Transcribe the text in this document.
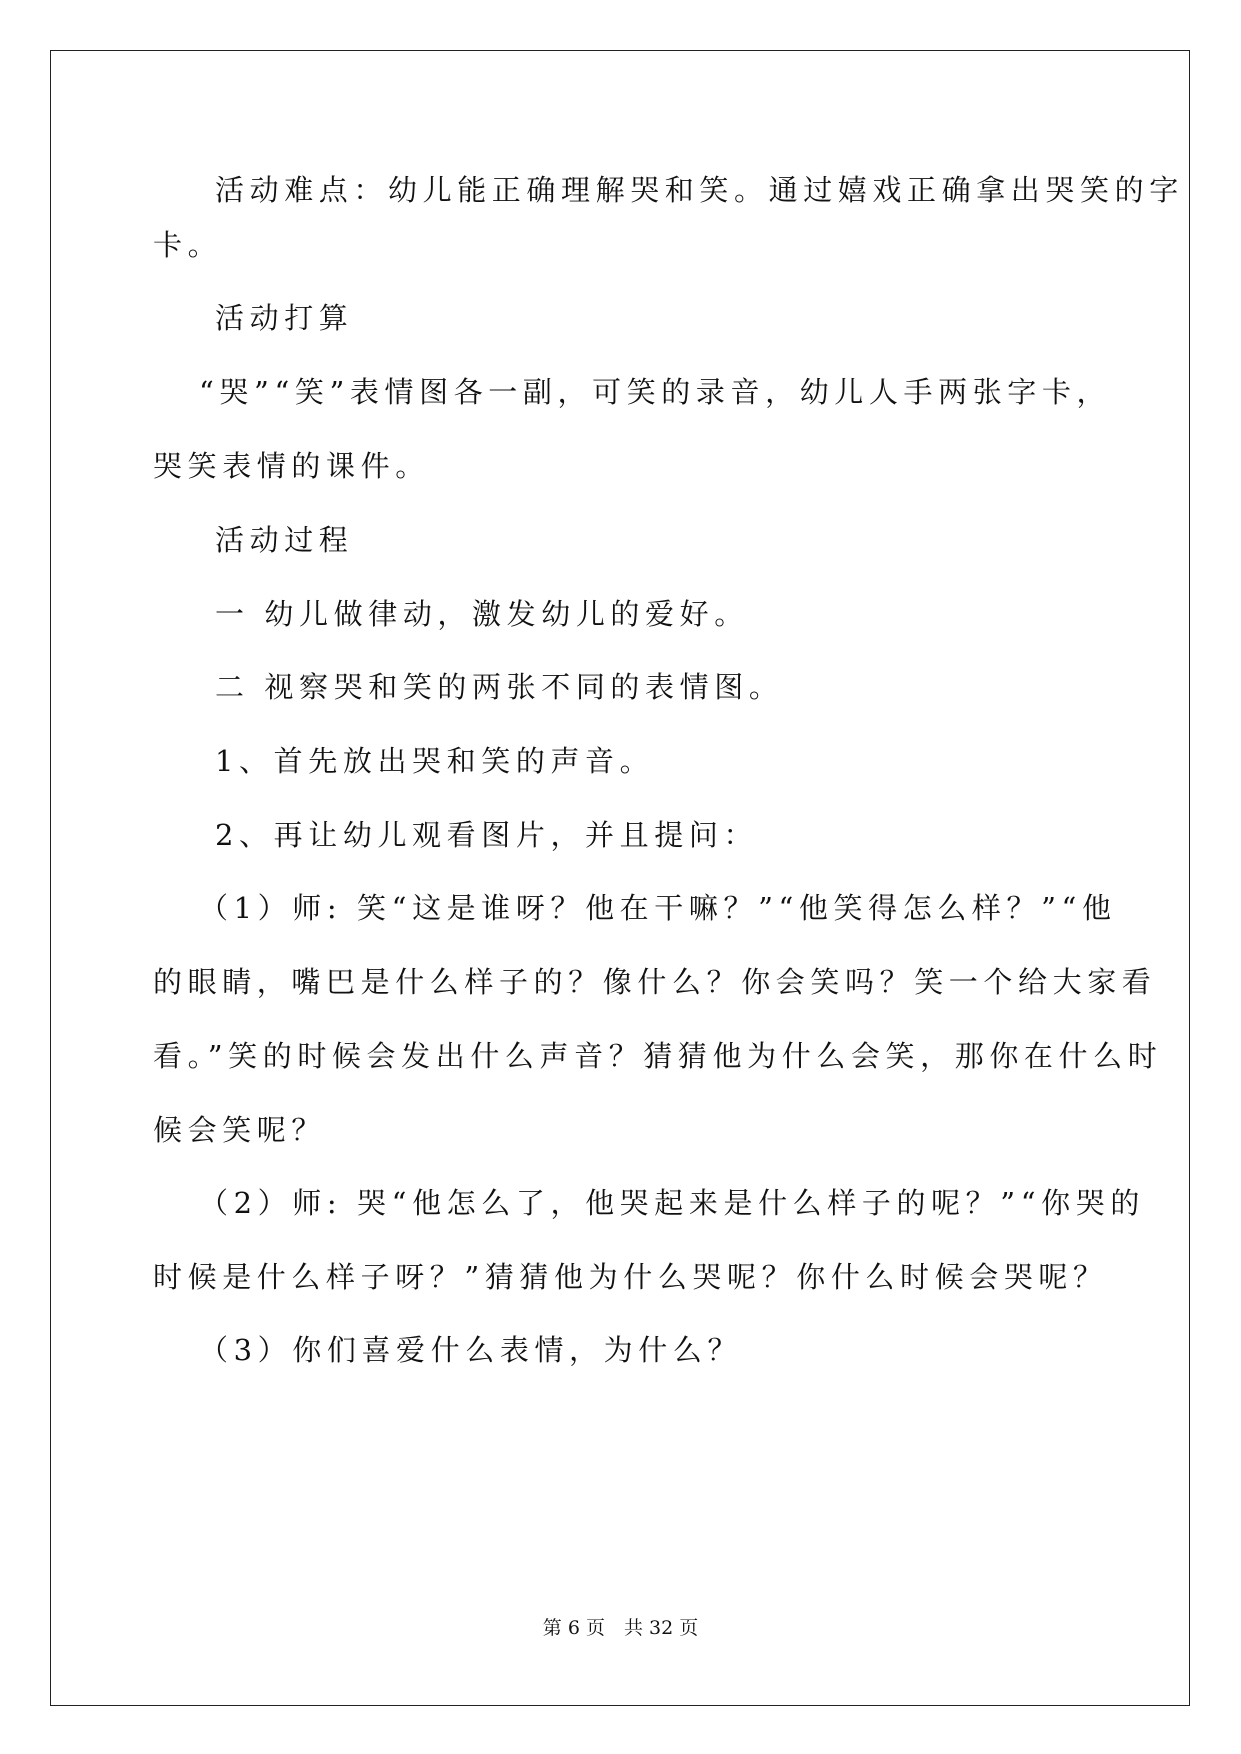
活动难点：幼儿能正确理解哭和笑。通过嬉戏正确拿出哭笑的字
卡。
活动打算
“哭”“笑”表情图各一副，可笑的录音，幼儿人手两张字卡，
哭笑表情的课件。
活动过程
一 幼儿做律动，激发幼儿的爱好。
二 视察哭和笑的两张不同的表情图。
1、首先放出哭和笑的声音。
2、再让幼儿观看图片，并且提问：
（1）师: 笑“这是谁呀？他在干嘛？”“他笑得怎么样？”“他
的眼睛，嘴巴是什么样子的？像什么？你会笑吗？笑一个给大家看
看。”笑的时候会发出什么声音？猜猜他为什么会笑，那你在什么时
候会笑呢？
（2）师: 哭“他怎么了，他哭起来是什么样子的呢？”“你哭的
时候是什么样子呀？”猜猜他为什么哭呢？你什么时候会哭呢？
（3）你们喜爱什么表情，为什么？
第 6 页　共 32 页
